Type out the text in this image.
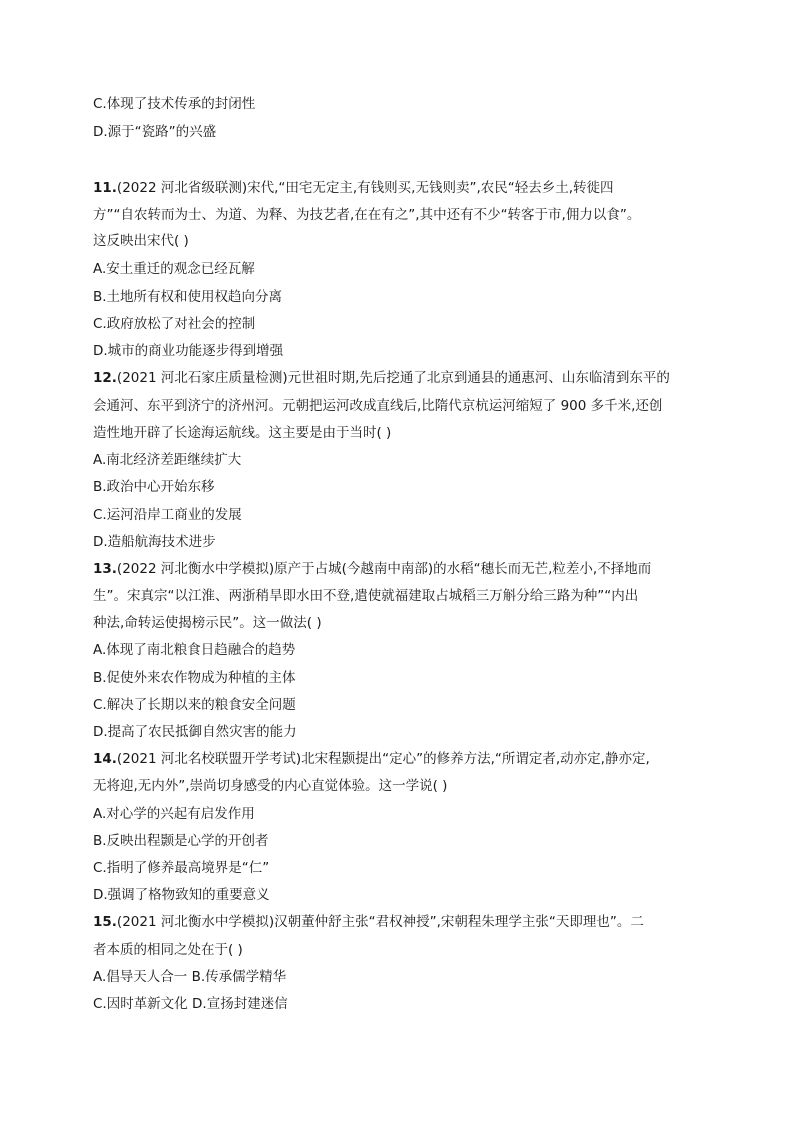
C.体现了技术传承的封闭性
D.源于“瓷路”的兴盛
11.(2022 河北省级联测)宋代,“田宅无定主,有钱则买,无钱则卖”,农民“轻去乡土,转徙四
方”“自农转而为士、为道、为释、为技艺者,在在有之”,其中还有不少“转客于市,佣力以食”。
这反映出宋代( )
A.安土重迁的观念已经瓦解
B.土地所有权和使用权趋向分离
C.政府放松了对社会的控制
D.城市的商业功能逐步得到增强
12.(2021 河北石家庄质量检测)元世祖时期,先后挖通了北京到通县的通惠河、山东临清到东平的
会通河、东平到济宁的济州河。元朝把运河改成直线后,比隋代京杭运河缩短了 900 多千米,还创
造性地开辟了长途海运航线。这主要是由于当时( )
A.南北经济差距继续扩大
B.政治中心开始东移
C.运河沿岸工商业的发展
D.造船航海技术进步
13.(2022 河北衡水中学模拟)原产于占城(今越南中南部)的水稻“穗长而无芒,粒差小,不择地而
生”。宋真宗“以江淮、两浙稍旱即水田不登,遣使就福建取占城稻三万斛分给三路为种”“内出
种法,命转运使揭榜示民”。这一做法( )
A.体现了南北粮食日趋融合的趋势
B.促使外来农作物成为种植的主体
C.解决了长期以来的粮食安全问题
D.提高了农民抵御自然灾害的能力
14.(2021 河北名校联盟开学考试)北宋程颢提出“定心”的修养方法,“所谓定者,动亦定,静亦定,
无将迎,无内外”,崇尚切身感受的内心直觉体验。这一学说( )
A.对心学的兴起有启发作用
B.反映出程颢是心学的开创者
C.指明了修养最高境界是“仁”
D.强调了格物致知的重要意义
15.(2021 河北衡水中学模拟)汉朝董仲舒主张“君权神授”,宋朝程朱理学主张“天即理也”。二
者本质的相同之处在于( )
A.倡导天人合一 B.传承儒学精华
C.因时革新文化 D.宣扬封建迷信
